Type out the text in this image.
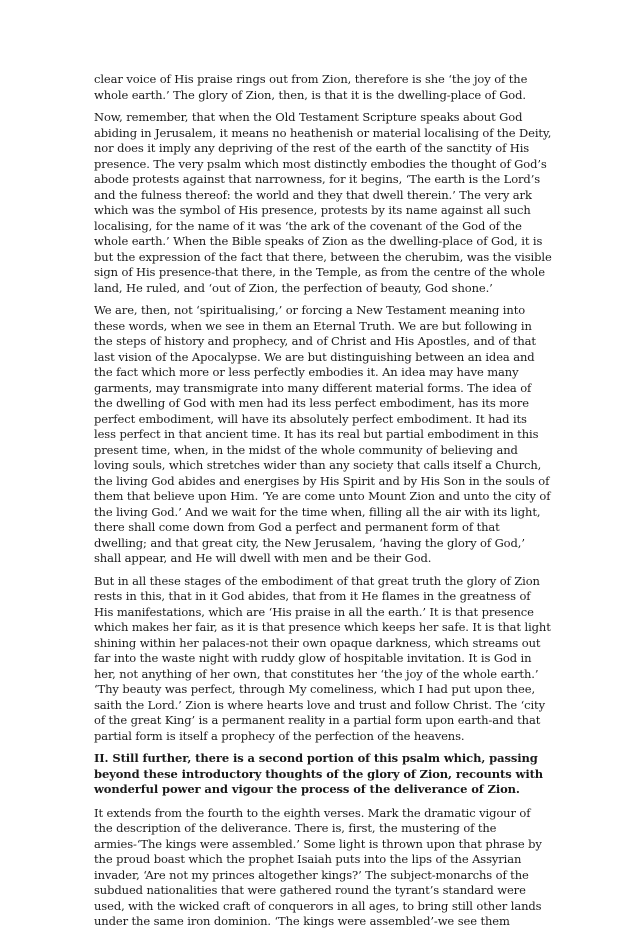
clear voice of His praise rings out from Zion, therefore is she ‘the joy of the whole earth.’ The glory of Zion, then, is that it is the dwelling-place of God.

Now, remember, that when the Old Testament Scripture speaks about God abiding in Jerusalem, it means no heathenish or material localising of the Deity, nor does it imply any depriving of the rest of the earth of the sanctity of His presence. The very psalm which most distinctly embodies the thought of God’s abode protests against that narrowness, for it begins, ‘The earth is the Lord’s and the fulness thereof: the world and they that dwell therein.’ The very ark which was the symbol of His presence, protests by its name against all such localising, for the name of it was ‘the ark of the covenant of the God of the whole earth.’ When the Bible speaks of Zion as the dwelling-place of God, it is but the expression of the fact that there, between the cherubim, was the visible sign of His presence-that there, in the Temple, as from the centre of the whole land, He ruled, and ‘out of Zion, the perfection of beauty, God shone.’

We are, then, not ‘spiritualising,’ or forcing a New Testament meaning into these words, when we see in them an Eternal Truth. We are but following in the steps of history and prophecy, and of Christ and His Apostles, and of that last vision of the Apocalypse. We are but distinguishing between an idea and the fact which more or less perfectly embodies it. An idea may have many garments, may transmigrate into many different material forms. The idea of the dwelling of God with men had its less perfect embodiment, has its more perfect embodiment, will have its absolutely perfect embodiment. It had its less perfect in that ancient time. It has its real but partial embodiment in this present time, when, in the midst of the whole community of believing and loving souls, which stretches wider than any society that calls itself a Church, the living God abides and energises by His Spirit and by His Son in the souls of them that believe upon Him. ‘Ye are come unto Mount Zion and unto the city of the living God.’ And we wait for the time when, filling all the air with its light, there shall come down from God a perfect and permanent form of that dwelling; and that great city, the New Jerusalem, ‘having the glory of God,’ shall appear, and He will dwell with men and be their God.

But in all these stages of the embodiment of that great truth the glory of Zion rests in this, that in it God abides, that from it He flames in the greatness of His manifestations, which are ‘His praise in all the earth.’ It is that presence which makes her fair, as it is that presence which keeps her safe. It is that light shining within her palaces-not their own opaque darkness, which streams out far into the waste night with ruddy glow of hospitable invitation. It is God in her, not anything of her own, that constitutes her ‘the joy of the whole earth.’ ‘Thy beauty was perfect, through My comeliness, which I had put upon thee, saith the Lord.’ Zion is where hearts love and trust and follow Christ. The ‘city of the great King’ is a permanent reality in a partial form upon earth-and that partial form is itself a prophecy of the perfection of the heavens.

II. Still further, there is a second portion of this psalm which, passing beyond these introductory thoughts of the glory of Zion, recounts with wonderful power and vigour the process of the deliverance of Zion.

It extends from the fourth to the eighth verses. Mark the dramatic vigour of the description of the deliverance. There is, first, the mustering of the armies-‘The kings were assembled.’ Some light is thrown upon that phrase by the proud boast which the prophet Isaiah puts into the lips of the Assyrian invader, ‘Are not my princes altogether kings?’ The subject-monarchs of the subdued nationalities that were gathered round the tyrant’s standard were used, with the wicked craft of conquerors in all ages, to bring still other lands under the same iron dominion. ‘The kings were assembled’-we see them
